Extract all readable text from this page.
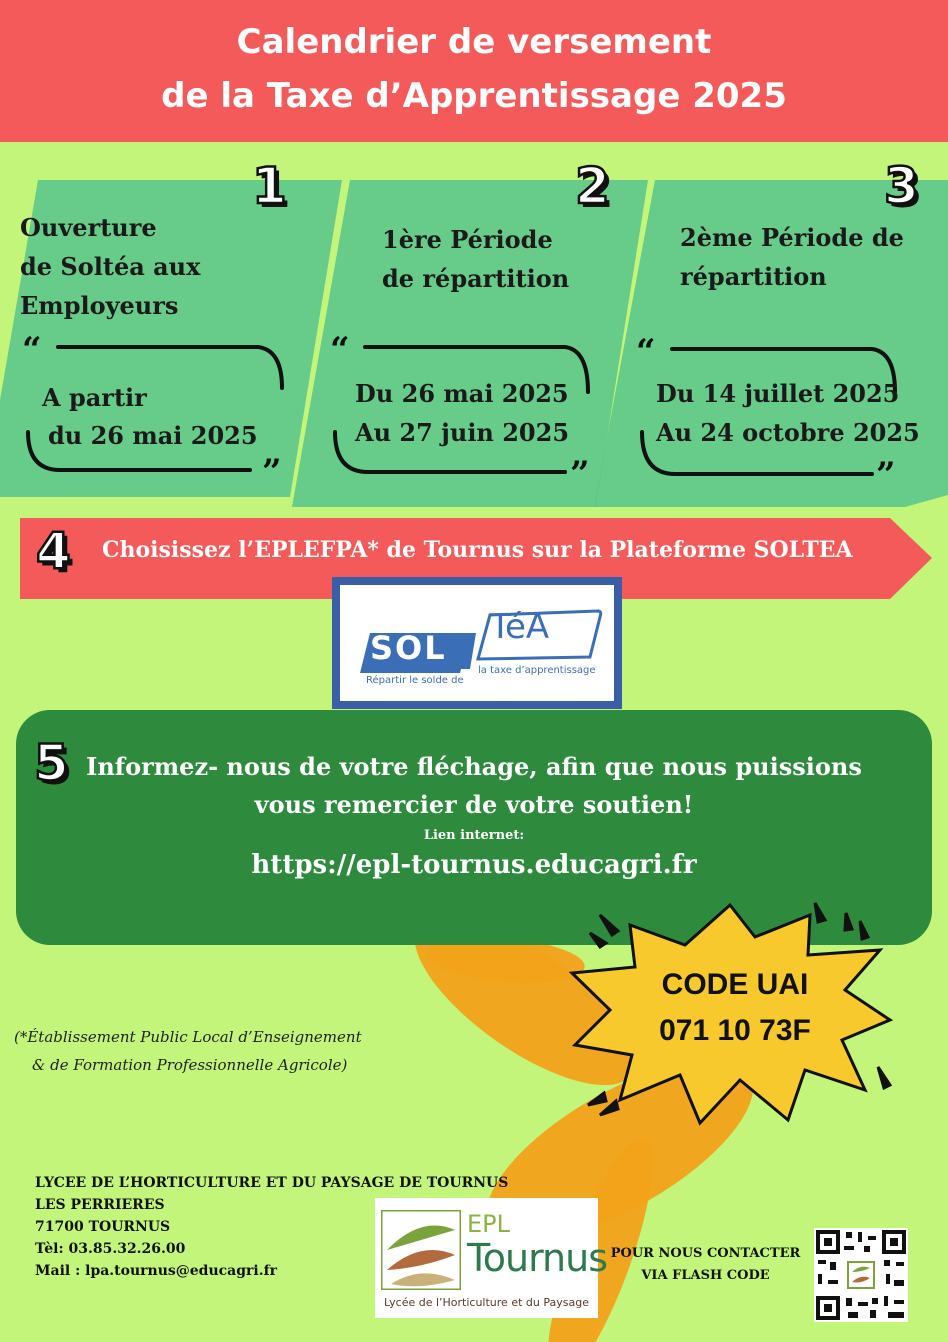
Calendrier de versement
de la Taxe d’Apprentissage 2025
1	2	3
Ouverture
de Soltéa aux
Employeurs
“
A partir
du 26 mai 2025
”
1ère Période
de répartition
“
Du 26 mai 2025
Au 27 juin 2025
”
2ème Période de
répartition
“
Du 14 juillet 2025
Au 24 octobre 2025
”
4 Choisissez l’EPLEFPA* de Tournus sur la Plateforme SOLTEA
SOL
TéA
Répartir le solde de
la taxe d’apprentissage
5 Informez- nous de votre fléchage, afin que nous puissions
vous remercier de votre soutien!
Lien internet:
https://epl-tournus.educagri.fr
CODE UAI
071 10 73F
(*Établissement Public Local d’Enseignement
& de Formation Professionnelle Agricole)
LYCEE DE L’HORTICULTURE ET DU PAYSAGE DE TOURNUS
LES PERRIERES
71700 TOURNUS
Tèl: 03.85.32.26.00
Mail : lpa.tournus@educagri.fr
EPL
Tournus
Lycée de l’Horticulture et du Paysage
POUR NOUS CONTACTER
VIA FLASH CODE
